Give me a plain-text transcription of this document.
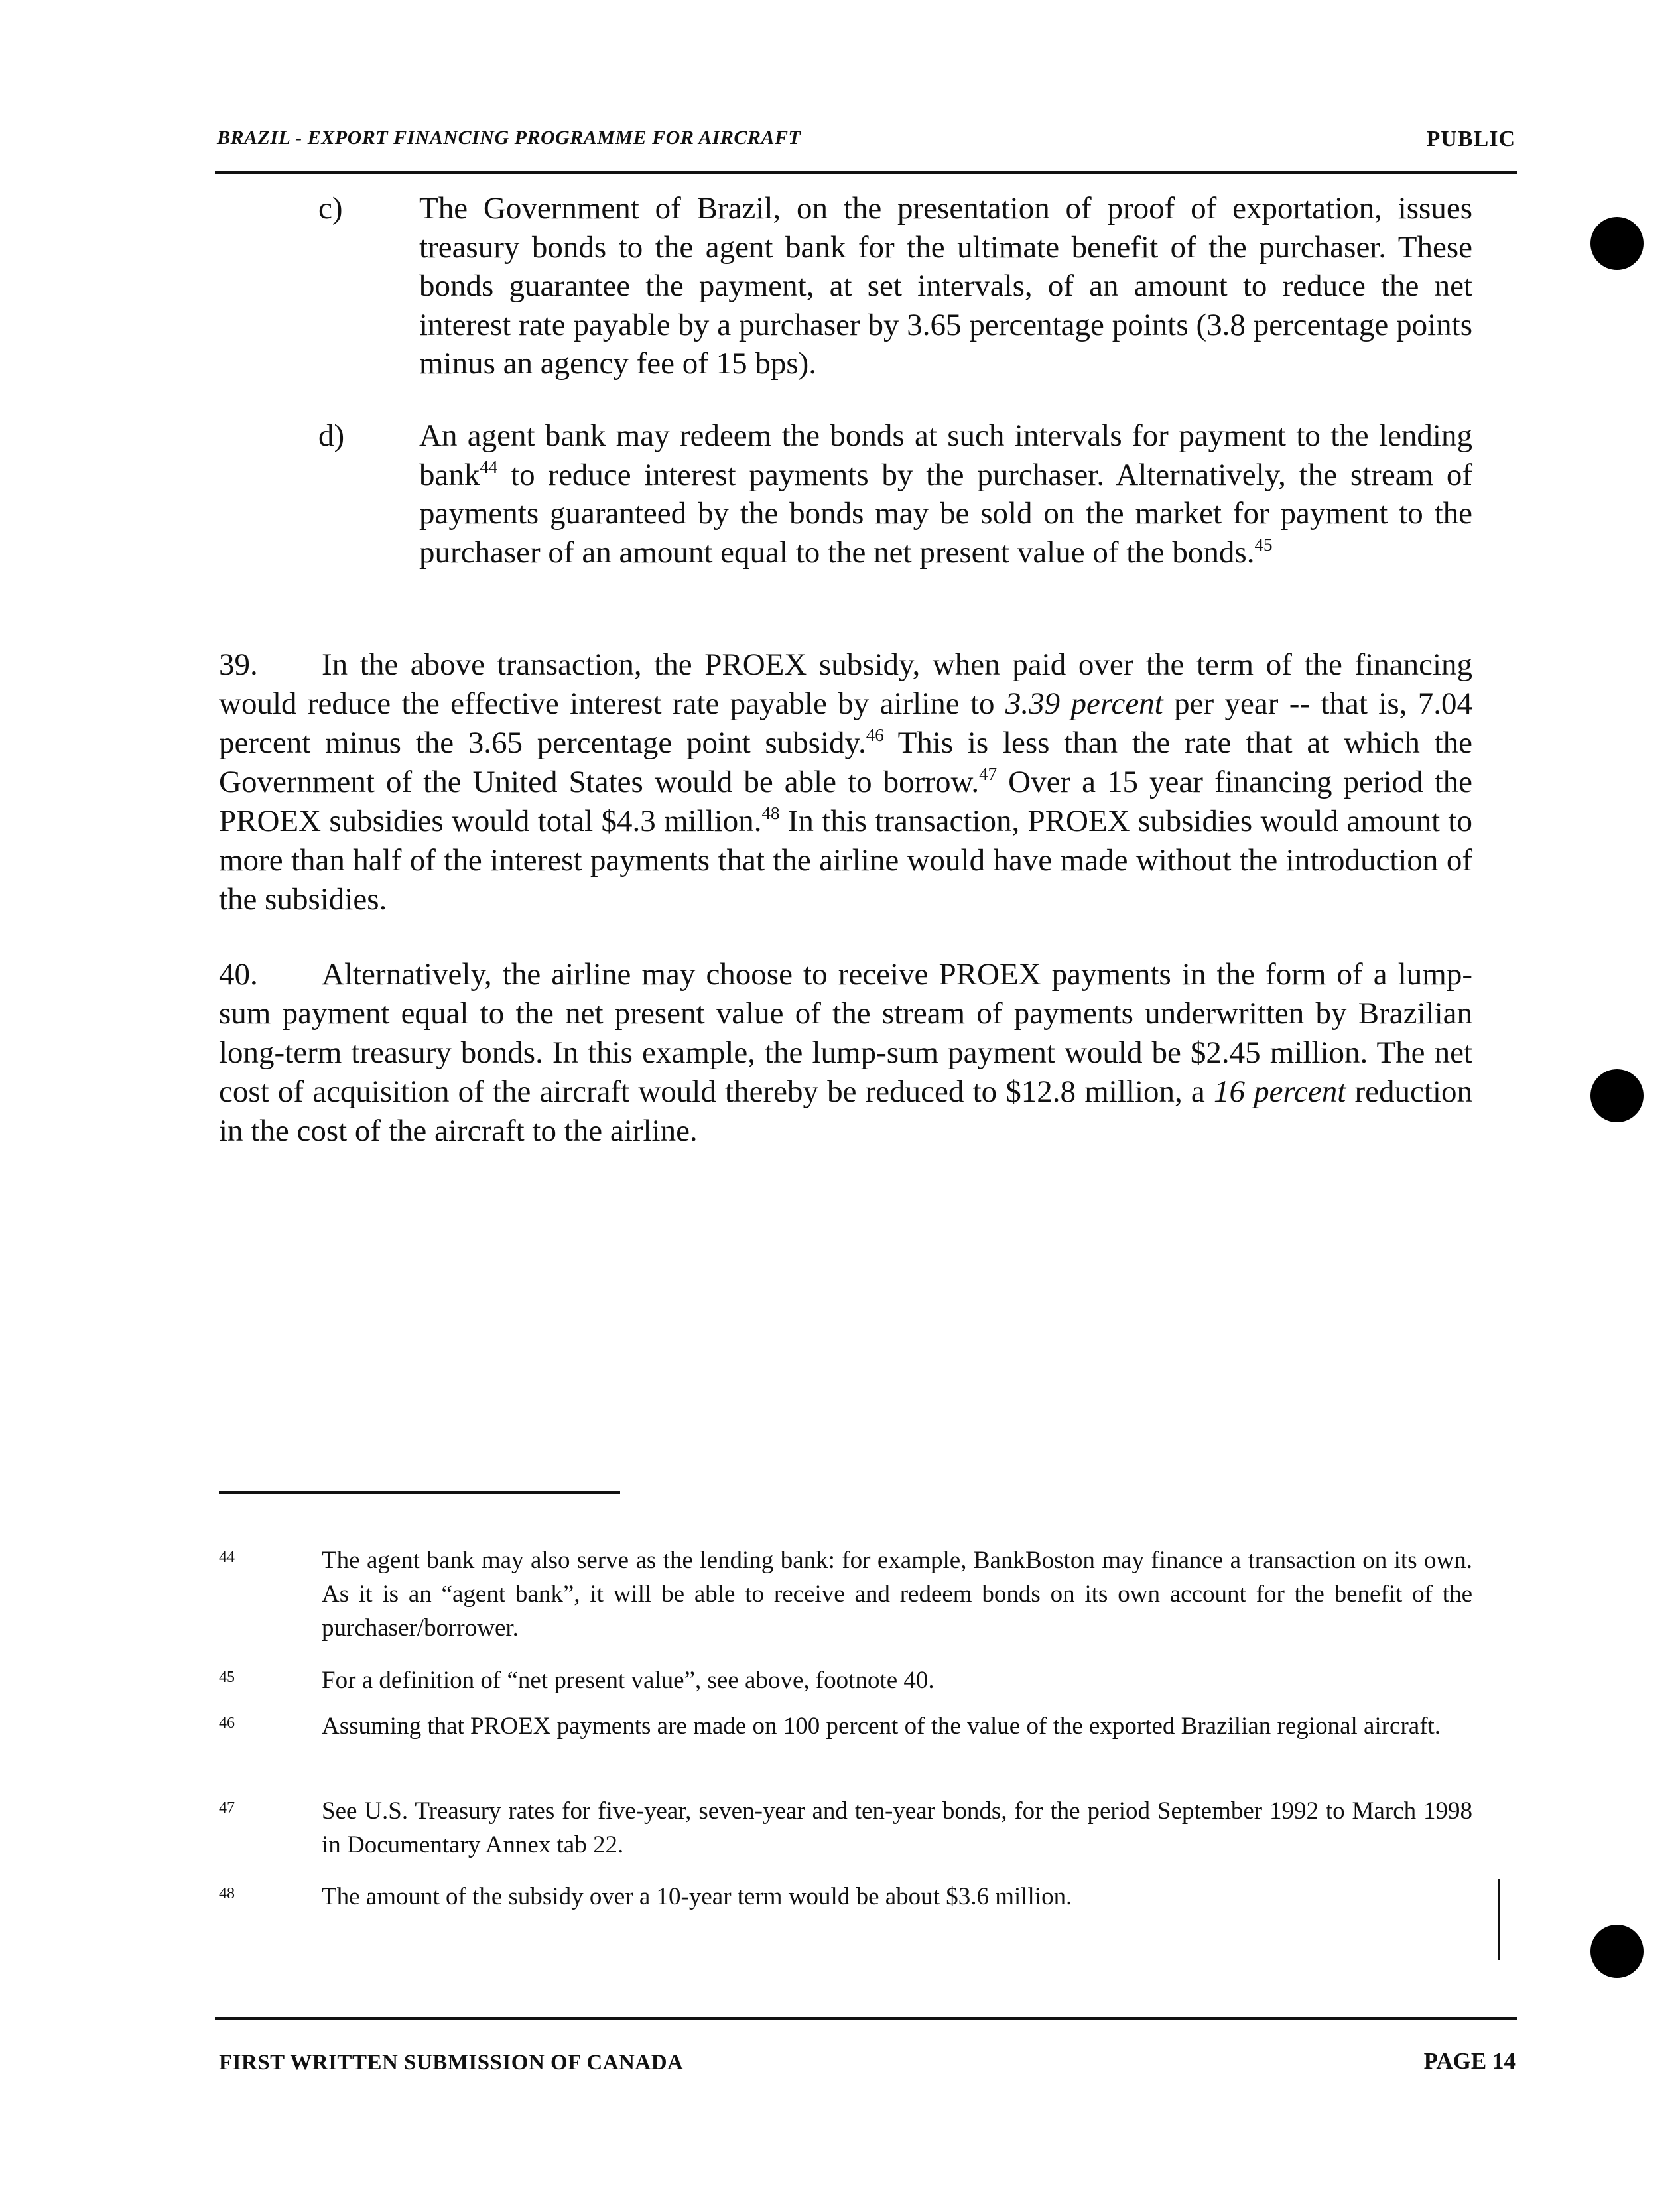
BRAZIL - EXPORT FINANCING PROGRAMME FOR AIRCRAFT	PUBLIC
c) The Government of Brazil, on the presentation of proof of exportation, issues treasury bonds to the agent bank for the ultimate benefit of the purchaser. These bonds guarantee the payment, at set intervals, of an amount to reduce the net interest rate payable by a purchaser by 3.65 percentage points (3.8 percentage points minus an agency fee of 15 bps).
d) An agent bank may redeem the bonds at such intervals for payment to the lending bank$^{44}$ to reduce interest payments by the purchaser. Alternatively, the stream of payments guaranteed by the bonds may be sold on the market for payment to the purchaser of an amount equal to the net present value of the bonds.$^{45}$
39. In the above transaction, the PROEX subsidy, when paid over the term of the financing would reduce the effective interest rate payable by airline to 3.39 percent per year -- that is, 7.04 percent minus the 3.65 percentage point subsidy.$^{46}$ This is less than the rate that at which the Government of the United States would be able to borrow.$^{47}$ Over a 15 year financing period the PROEX subsidies would total $4.3 million.$^{48}$ In this transaction, PROEX subsidies would amount to more than half of the interest payments that the airline would have made without the introduction of the subsidies.
40. Alternatively, the airline may choose to receive PROEX payments in the form of a lump-sum payment equal to the net present value of the stream of payments underwritten by Brazilian long-term treasury bonds. In this example, the lump-sum payment would be $2.45 million. The net cost of acquisition of the aircraft would thereby be reduced to $12.8 million, a 16 percent reduction in the cost of the aircraft to the airline.
44	The agent bank may also serve as the lending bank: for example, BankBoston may finance a transaction on its own. As it is an “agent bank”, it will be able to receive and redeem bonds on its own account for the benefit of the purchaser/borrower.
45	For a definition of “net present value”, see above, footnote 40.
46	Assuming that PROEX payments are made on 100 percent of the value of the exported Brazilian regional aircraft.
47	See U.S. Treasury rates for five-year, seven-year and ten-year bonds, for the period September 1992 to March 1998 in Documentary Annex tab 22.
48	The amount of the subsidy over a 10-year term would be about $3.6 million.
FIRST WRITTEN SUBMISSION OF CANADA	PAGE 14
